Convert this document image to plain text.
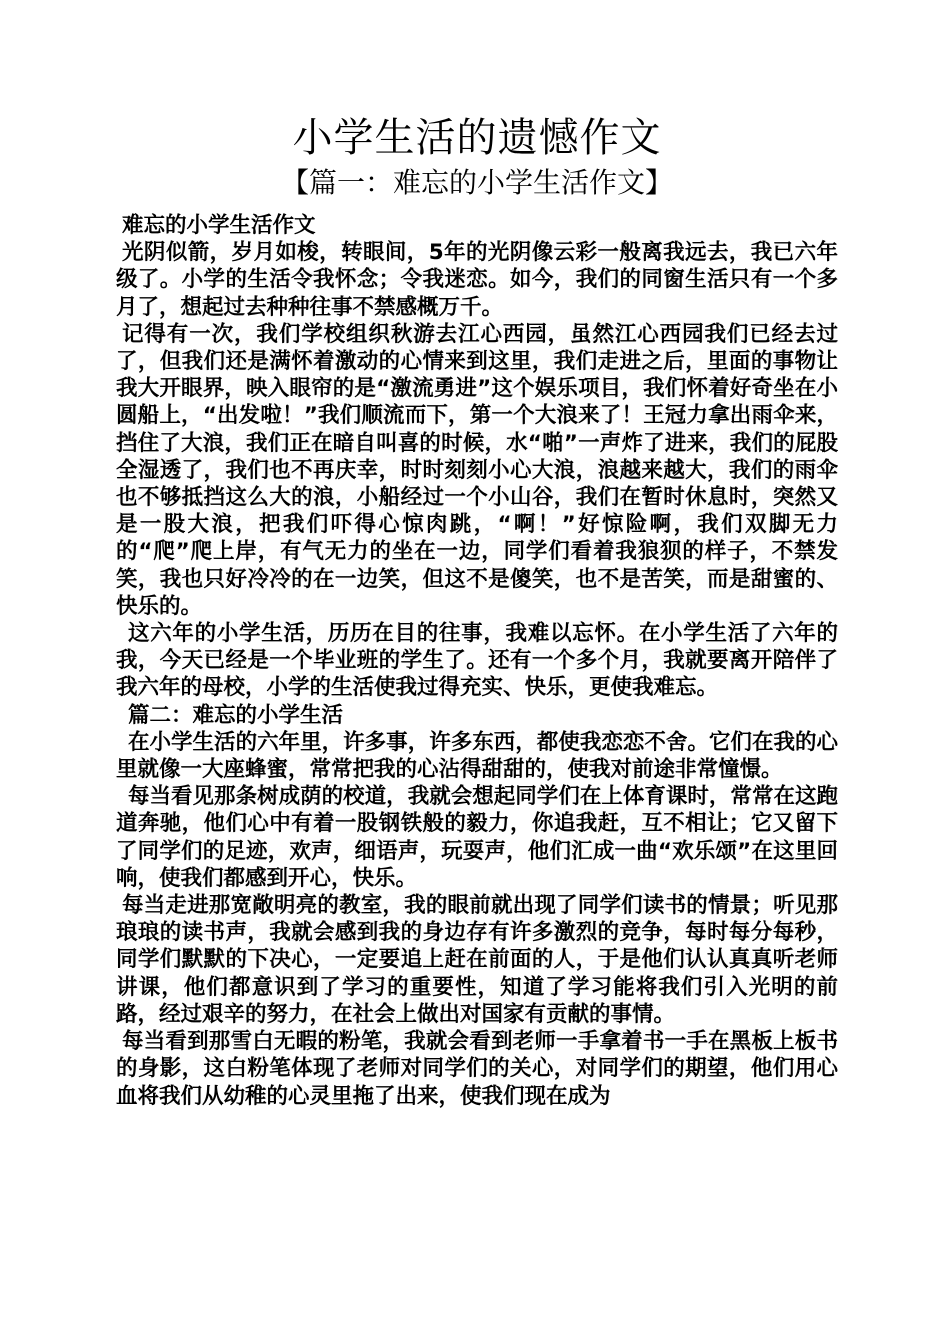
小学生活的遗憾作文
【篇一：难忘的小学生活作文】

难忘的小学生活作文

光阴似箭，岁月如梭，转眼间，5年的光阴像云彩一般离我远去，我已六年级了。小学的生活令我怀念；令我迷恋。如今，我们的同窗生活只有一个多月了，想起过去种种往事不禁感概万千。

记得有一次，我们学校组织秋游去江心西园，虽然江心西园我们已经去过了，但我们还是满怀着激动的心情来到这里，我们走进之后，里面的事物让我大开眼界，映入眼帘的是“激流勇进”这个娱乐项目，我们怀着好奇坐在小圆船上，“出发啦！”我们顺流而下，第一个大浪来了！王冠力拿出雨伞来，挡住了大浪，我们正在暗自叫喜的时候，水“啪”一声炸了进来，我们的屁股全湿透了，我们也不再庆幸，时时刻刻小心大浪，浪越来越大，我们的雨伞也不够抵挡这么大的浪，小船经过一个小山谷，我们在暂时休息时，突然又是一股大浪，把我们吓得心惊肉跳，“啊！”好惊险啊，我们双脚无力的“爬”爬上岸，有气无力的坐在一边，同学们看着我狼狈的样子，不禁发笑，我也只好冷冷的在一边笑，但这不是傻笑，也不是苦笑，而是甜蜜的、快乐的。

这六年的小学生活，历历在目的往事，我难以忘怀。在小学生活了六年的我，今天已经是一个毕业班的学生了。还有一个多个月，我就要离开陪伴了我六年的母校，小学的生活使我过得充实、快乐，更使我难忘。

篇二：难忘的小学生活

在小学生活的六年里，许多事，许多东西，都使我恋恋不舍。它们在我的心里就像一大座蜂蜜，常常把我的心沾得甜甜的，使我对前途非常憧憬。

每当看见那条树成荫的校道，我就会想起同学们在上体育课时，常常在这跑道奔驰，他们心中有着一股钢铁般的毅力，你追我赶，互不相让；它又留下了同学们的足迹，欢声，细语声，玩耍声，他们汇成一曲“欢乐颂”在这里回响，使我们都感到开心，快乐。

每当走进那宽敞明亮的教室，我的眼前就出现了同学们读书的情景；听见那琅琅的读书声，我就会感到我的身边存有许多激烈的竞争，每时每分每秒，同学们默默的下决心，一定要追上赶在前面的人，于是他们认认真真听老师讲课，他们都意识到了学习的重要性，知道了学习能将我们引入光明的前路，经过艰辛的努力，在社会上做出对国家有贡献的事情。

每当看到那雪白无暇的粉笔，我就会看到老师一手拿着书一手在黑板上板书的身影，这白粉笔体现了老师对同学们的关心，对同学们的期望，他们用心血将我们从幼稚的心灵里拖了出来，使我们现在成为
